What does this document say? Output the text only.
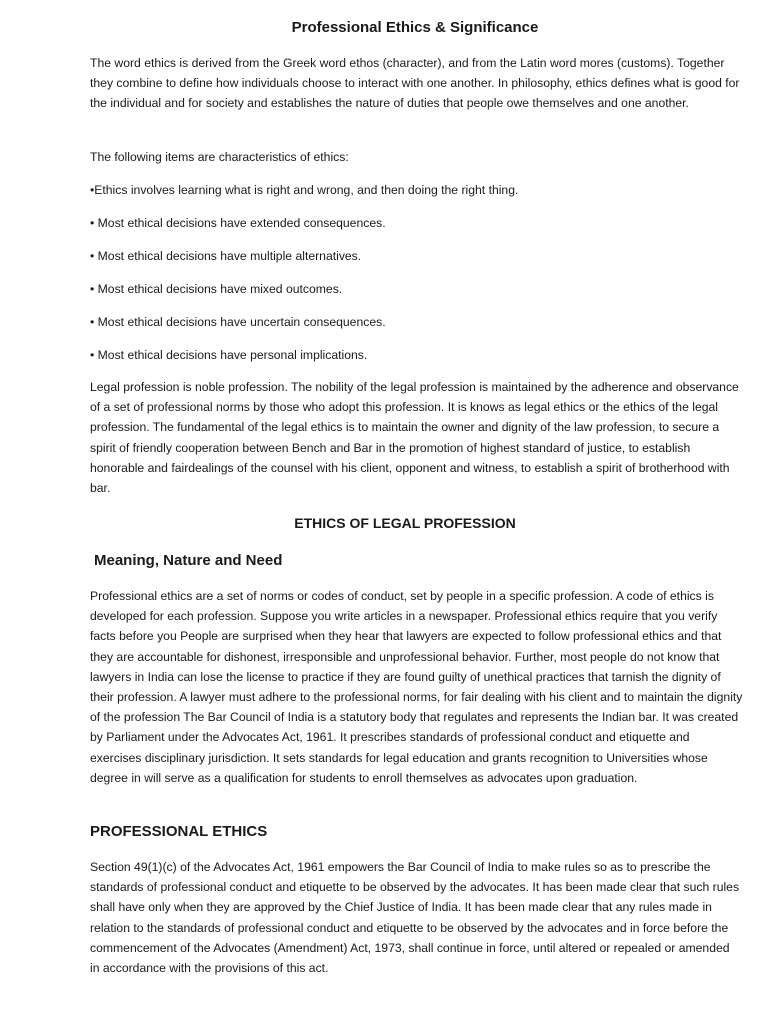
Professional Ethics & Significance

The word ethics is derived from the Greek word ethos (character), and from the Latin word mores (customs). Together they combine to define how individuals choose to interact with one another. In philosophy, ethics defines what is good for the individual and for society and establishes the nature of duties that people owe themselves and one another.

The following items are characteristics of ethics:

•Ethics involves learning what is right and wrong, and then doing the right thing.
• Most ethical decisions have extended consequences.
• Most ethical decisions have multiple alternatives.
• Most ethical decisions have mixed outcomes.
• Most ethical decisions have uncertain consequences.
• Most ethical decisions have personal implications.

Legal profession is noble profession. The nobility of the legal profession is maintained by the adherence and observance of a set of professional norms by those who adopt this profession. It is knows as legal ethics or the ethics of the legal profession. The fundamental of the legal ethics is to maintain the owner and dignity of the law profession, to secure a spirit of friendly cooperation between Bench and Bar in the promotion of highest standard of justice, to establish honorable and fairdealings of the counsel with his client, opponent and witness, to establish a spirit of brotherhood with bar.

ETHICS OF LEGAL PROFESSION
Meaning, Nature and Need

Professional ethics are a set of norms or codes of conduct, set by people in a specific profession. A code of ethics is developed for each profession. Suppose you write articles in a newspaper. Professional ethics require that you verify facts before you People are surprised when they hear that lawyers are expected to follow professional ethics and that they are accountable for dishonest, irresponsible and unprofessional behavior. Further, most people do not know that lawyers in India can lose the license to practice if they are found guilty of unethical practices that tarnish the dignity of their profession. A lawyer must adhere to the professional norms, for fair dealing with his client and to maintain the dignity of the profession The Bar Council of India is a statutory body that regulates and represents the Indian bar. It was created by Parliament under the Advocates Act, 1961. It prescribes standards of professional conduct and etiquette and exercises disciplinary jurisdiction. It sets standards for legal education and grants recognition to Universities whose degree in will serve as a qualification for students to enroll themselves as advocates upon graduation.

PROFESSIONAL ETHICS

Section 49(1)(c) of the Advocates Act, 1961 empowers the Bar Council of India to make rules so as to prescribe the standards of professional conduct and etiquette to be observed by the advocates. It has been made clear that such rules shall have only when they are approved by the Chief Justice of India. It has been made clear that any rules made in relation to the standards of professional conduct and etiquette to be observed by the advocates and in force before the commencement of the Advocates (Amendment) Act, 1973, shall continue in force, until altered or repealed or amended in accordance with the provisions of this act.
